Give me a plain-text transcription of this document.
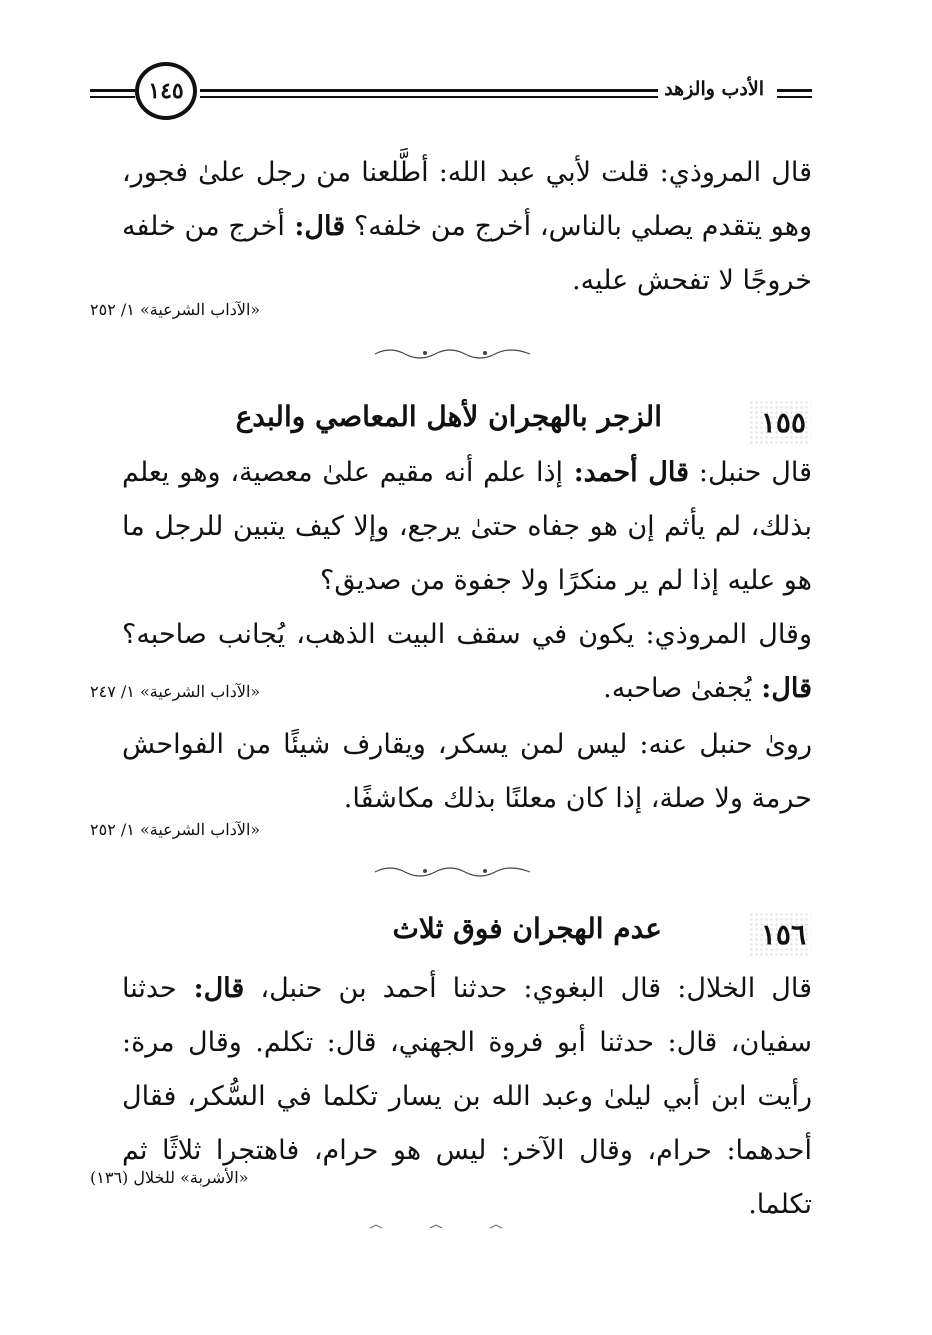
١٤٥	الأدب والزهد

قال المروذي: قلت لأبي عبد الله: أطَّلعنا من رجل علىٰ فجور، وهو يتقدم يصلي بالناس، أخرج من خلفه؟ قال: أخرج من خلفه خروجًا لا تفحش عليه.

«الآداب الشرعية» ١/ ٢٥٢
١٥٥
الزجر بالهجران لأهل المعاصي والبدع

قال حنبل: قال أحمد: إذا علم أنه مقيم علىٰ معصية، وهو يعلم بذلك، لم يأثم إن هو جفاه حتىٰ يرجع، وإلا كيف يتبين للرجل ما هو عليه إذا لم ير منكرًا ولا جفوة من صديق؟

وقال المروذي: يكون في سقف البيت الذهب، يُجانب صاحبه؟ قال: يُجفىٰ صاحبه.

«الآداب الشرعية» ١/ ٢٤٧

روىٰ حنبل عنه: ليس لمن يسكر، ويقارف شيئًا من الفواحش حرمة ولا صلة، إذا كان معلنًا بذلك مكاشفًا.

«الآداب الشرعية» ١/ ٢٥٢
١٥٦
عدم الهجران فوق ثلاث

قال الخلال: قال البغوي: حدثنا أحمد بن حنبل، قال: حدثنا سفيان، قال: حدثنا أبو فروة الجهني، قال: تكلم. وقال مرة: رأيت ابن أبي ليلىٰ وعبد الله بن يسار تكلما في السُّكر، فقال أحدهما: حرام، وقال الآخر: ليس هو حرام، فاهتجرا ثلاثًا ثم تكلما.

«الأشربة» للخلال (١٣٦)
